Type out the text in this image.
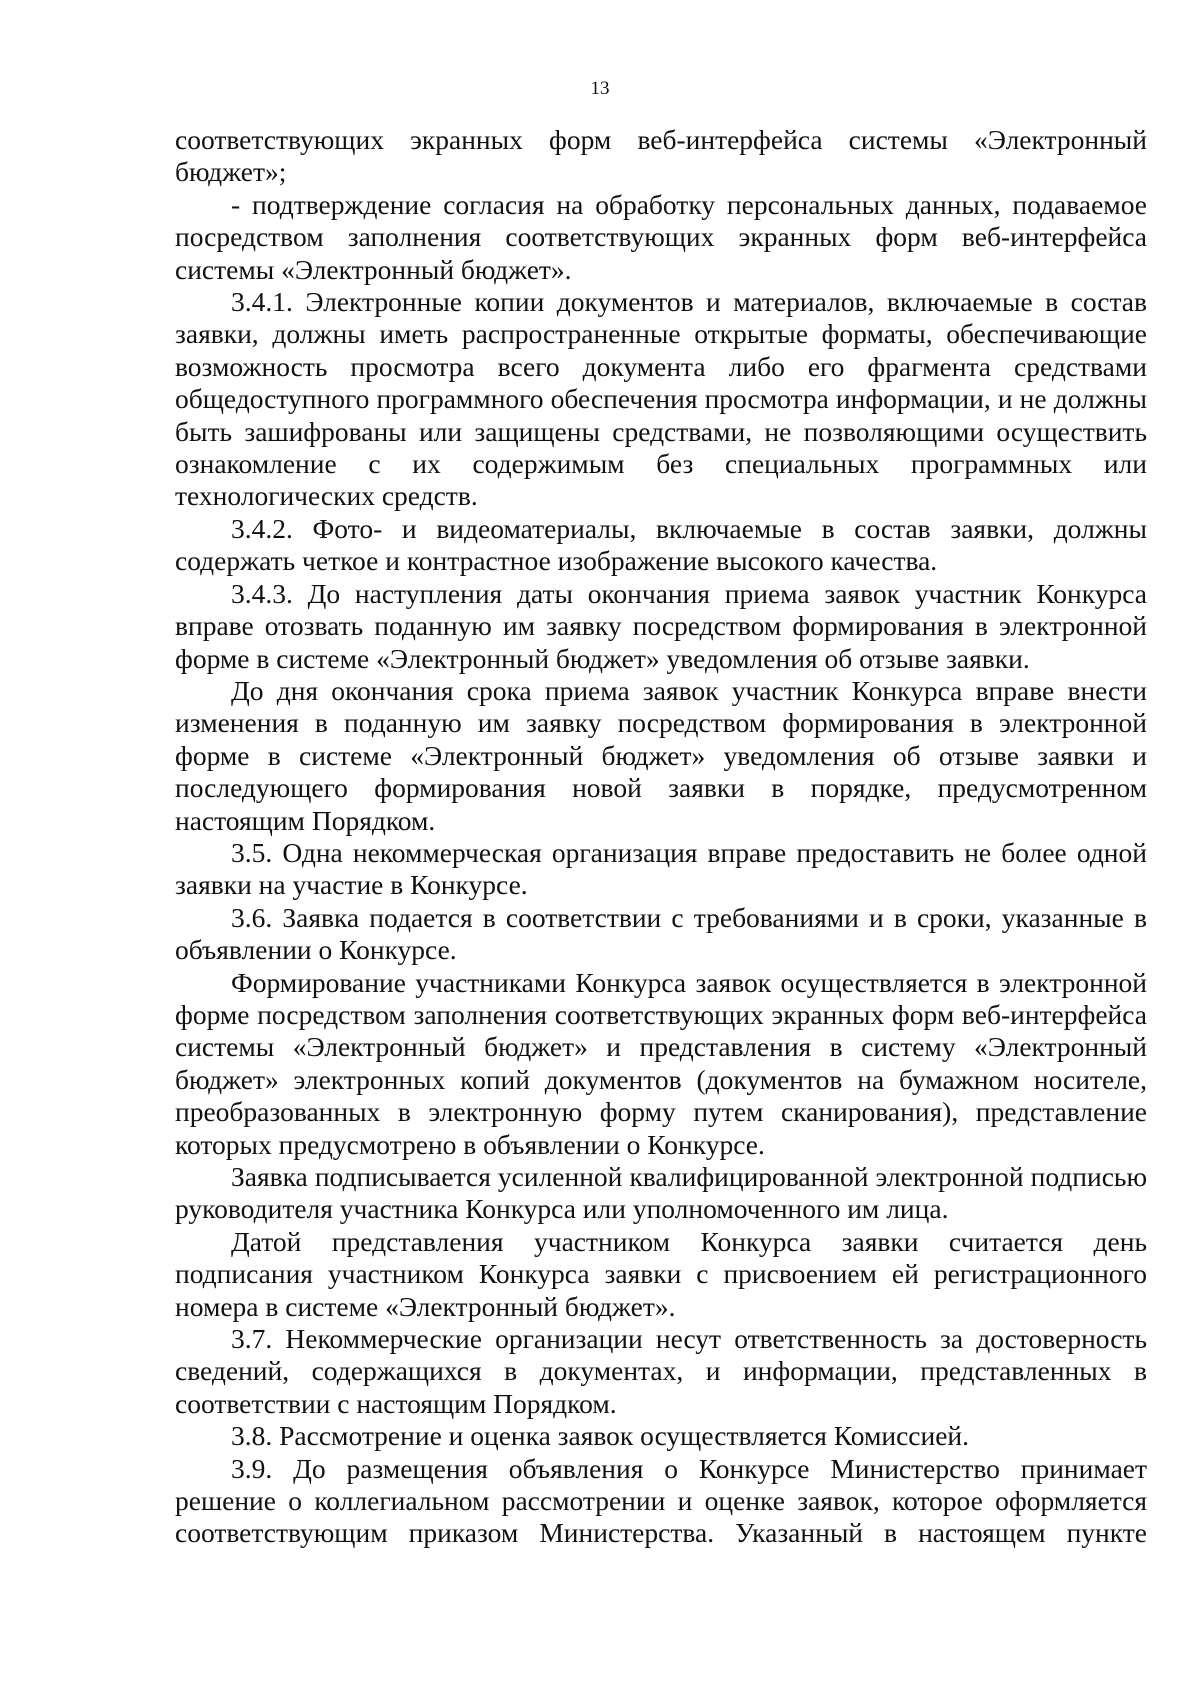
13

соответствующих экранных форм веб-интерфейса системы «Электронный бюджет»;

- подтверждение согласия на обработку персональных данных, подаваемое посредством заполнения соответствующих экранных форм веб-интерфейса системы «Электронный бюджет».

3.4.1. Электронные копии документов и материалов, включаемые в состав заявки, должны иметь распространенные открытые форматы, обеспечивающие возможность просмотра всего документа либо его фрагмента средствами общедоступного программного обеспечения просмотра информации, и не должны быть зашифрованы или защищены средствами, не позволяющими осуществить ознакомление с их содержимым без специальных программных или технологических средств.

3.4.2. Фото- и видеоматериалы, включаемые в состав заявки, должны содержать четкое и контрастное изображение высокого качества.

3.4.3. До наступления даты окончания приема заявок участник Конкурса вправе отозвать поданную им заявку посредством формирования в электронной форме в системе «Электронный бюджет» уведомления об отзыве заявки.

До дня окончания срока приема заявок участник Конкурса вправе внести изменения в поданную им заявку посредством формирования в электронной форме в системе «Электронный бюджет» уведомления об отзыве заявки и последующего формирования новой заявки в порядке, предусмотренном настоящим Порядком.

3.5. Одна некоммерческая организация вправе предоставить не более одной заявки на участие в Конкурсе.

3.6. Заявка подается в соответствии с требованиями и в сроки, указанные в объявлении о Конкурсе.

Формирование участниками Конкурса заявок осуществляется в электронной форме посредством заполнения соответствующих экранных форм веб-интерфейса системы «Электронный бюджет» и представления в систему «Электронный бюджет» электронных копий документов (документов на бумажном носителе, преобразованных в электронную форму путем сканирования), представление которых предусмотрено в объявлении о Конкурсе.

Заявка подписывается усиленной квалифицированной электронной подписью руководителя участника Конкурса или уполномоченного им лица.

Датой представления участником Конкурса заявки считается день подписания участником Конкурса заявки с присвоением ей регистрационного номера в системе «Электронный бюджет».

3.7. Некоммерческие организации несут ответственность за достоверность сведений, содержащихся в документах, и информации, представленных в соответствии с настоящим Порядком.

3.8. Рассмотрение и оценка заявок осуществляется Комиссией.

3.9. До размещения объявления о Конкурсе Министерство принимает решение о коллегиальном рассмотрении и оценке заявок, которое оформляется соответствующим приказом Министерства. Указанный в настоящем пункте
